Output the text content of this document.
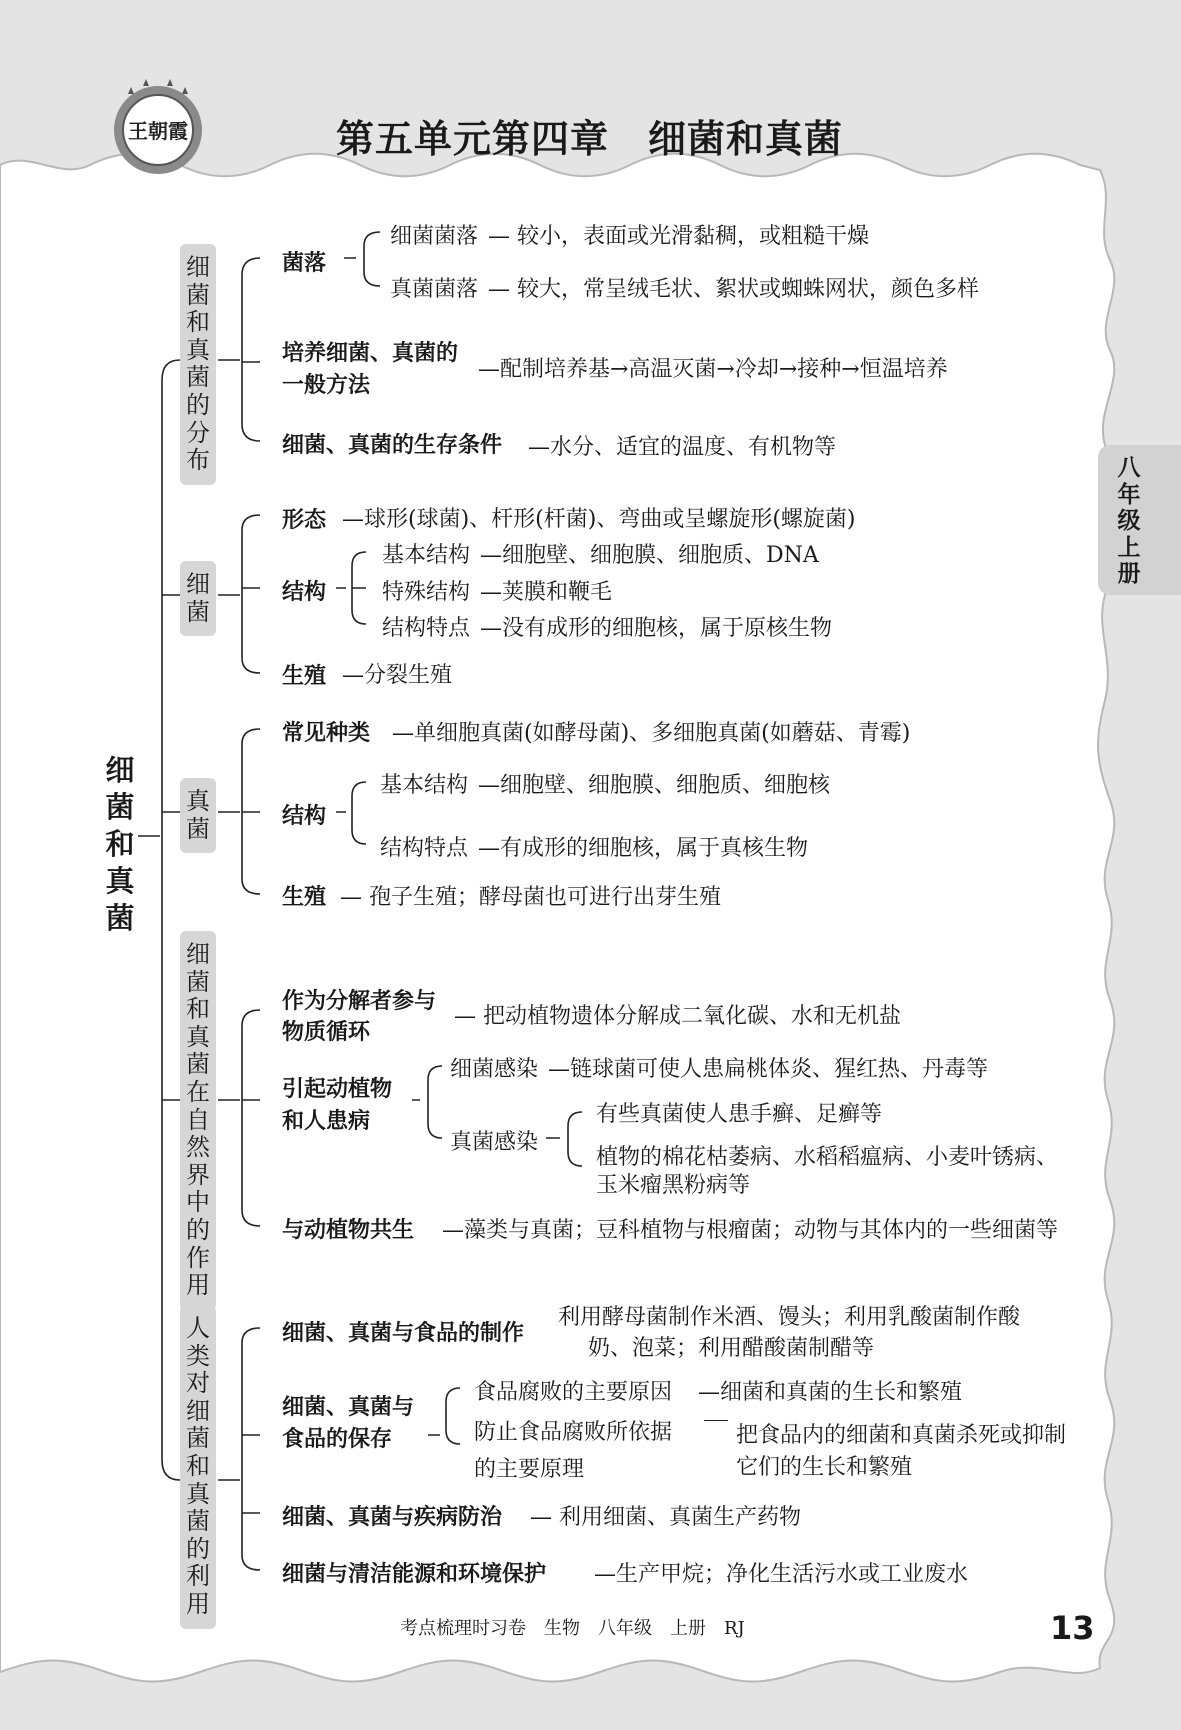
王朝霞	第五单元第四章　细菌和真菌
八年级上册
细菌和真菌
细菌和真菌的分布
细菌
真菌
细菌和真菌在自然界中的作用
人类对细菌和真菌的利用
菌落
细菌菌落 — 较小，表面或光滑黏稠，或粗糙干燥
真菌菌落 — 较大，常呈绒毛状、絮状或蜘蛛网状，颜色多样
培养细菌、真菌的
一般方法
—配制培养基→高温灭菌→冷却→接种→恒温培养
细菌、真菌的生存条件 —水分、适宜的温度、有机物等
形态 —球形(球菌)、杆形(杆菌)、弯曲或呈螺旋形(螺旋菌)
结构
基本结构 —细胞壁、细胞膜、细胞质、DNA
特殊结构 —荚膜和鞭毛
结构特点 —没有成形的细胞核，属于原核生物
生殖 —分裂生殖
常见种类 —单细胞真菌(如酵母菌)、多细胞真菌(如蘑菇、青霉)
结构
基本结构 —细胞壁、细胞膜、细胞质、细胞核
结构特点 —有成形的细胞核，属于真核生物
生殖 — 孢子生殖；酵母菌也可进行出芽生殖
作为分解者参与
物质循环
— 把动植物遗体分解成二氧化碳、水和无机盐
引起动植物
和人患病
细菌感染 —链球菌可使人患扁桃体炎、猩红热、丹毒等
真菌感染
有些真菌使人患手癣、足癣等
植物的棉花枯萎病、水稻稻瘟病、小麦叶锈病、
玉米瘤黑粉病等
与动植物共生 —藻类与真菌；豆科植物与根瘤菌；动物与其体内的一些细菌等
细菌、真菌与食品的制作
利用酵母菌制作米酒、馒头；利用乳酸菌制作酸
奶、泡菜；利用醋酸菌制醋等
细菌、真菌与
食品的保存
食品腐败的主要原因 —细菌和真菌的生长和繁殖
防止食品腐败所依据
的主要原理
把食品内的细菌和真菌杀死或抑制
它们的生长和繁殖
细菌、真菌与疾病防治 — 利用细菌、真菌生产药物
细菌与清洁能源和环境保护 —生产甲烷；净化生活污水或工业废水
考点梳理时习卷　生物　八年级　上册　RJ	13
